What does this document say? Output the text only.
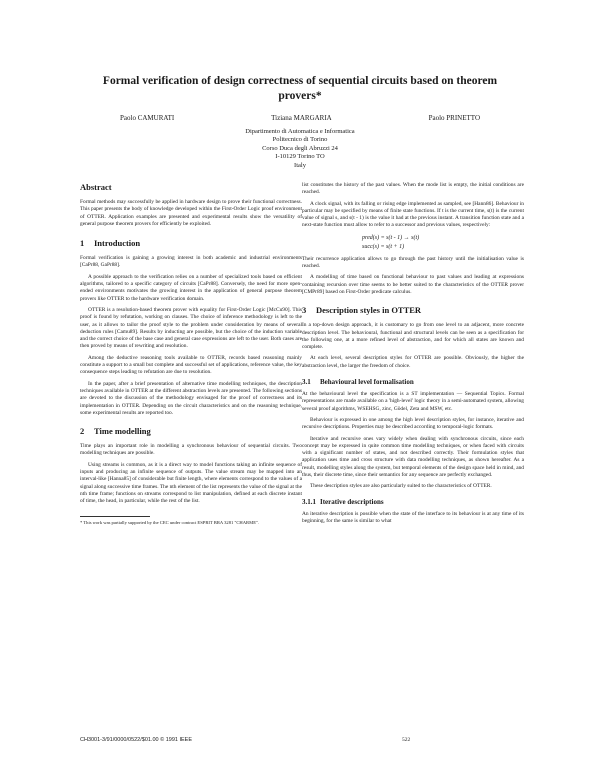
Formal verification of design correctness of sequential circuits based on theorem provers*
Paolo CAMURATI	Tiziana MARGARIA	Paolo PRINETTO
Dipartimento di Automatica e Informatica
Politecnico di Torino
Corso Duca degli Abruzzi 24
I-10129 Torino TO
Italy
Abstract

Formal methods may successfully be applied in hardware design to prove their functional correctness. This paper presents the body of knowledge developed within the First-Order Logic proof environment of OTTER. Application examples are presented and experimental results show the versatility of general purpose theorem provers for efficiently be exploited.

1 Introduction

Formal verification is gaining a growing interest in both academic and industrial environments [CaPr88, GaPr88].

A possible approach to the verification relies on a number of specialized tools based on efficient algorithms, tailored to a specific category of circuits [CaPr88]. Conversely, the need for more open-ended environments motivates the growing interest in the application of general purpose theorem provers like OTTER to the hardware verification domain.

OTTER is a resolution-based theorem prover with equality for First-Order Logic [McCu90]. This proof is found by refutation, working on clauses. The choice of inference methodology is left to the user, as it allows to tailor the proof style to the problem under consideration by means of several deduction rules [Camu89]. Results by inducting are possible, but the choice of the induction variable and the correct choice of the base case and general case expressions are left to the user. Both cases are then proved by means of rewriting and resolution.

Among the deductive reasoning tools available to OTTER, records based reasoning mainly constitute a support to a small but complete and successful set of applications, reference value, the key consequence steps leading to refutation are due to resolution.

In the paper, after a brief presentation of alternative time modelling techniques, the description techniques available in OTTER at the different abstraction levels are presented. The following sections are devoted to the discussion of the methodology envisaged for the proof of correctness and its implementation in OTTER. Depending on the circuit characteristics and on the reasoning technique, some experimental results are reported too.

2 Time modelling

Time plays an important role in modelling a synchronous behaviour of sequential circuits. Two modelling techniques are possible.

Using streams is common, as it is a direct way to model functions taking an infinite sequence of inputs and producing an infinite sequence of outputs. The value stream may be mapped into an interval-like [Hanna85] of considerable but finite length, where elements correspond to the values of a signal along successive time frames. The nth element of the list represents the value of the signal at the nth time frame; functions on streams correspond to list manipulation, defined at each discrete instant of time, the head, in particular, while the rest of the list.

* This work was partially supported by the CEC under contract ESPRIT BRA 3281 "CHARME".

list constitutes the history of the past values. When the mode list is empty, the initial conditions are reached.

A clock signal, with its falling or rising edge implemented as sampled, see [Hann86]. Behaviour in particular may be specified by means of finite state functions. If t is the current time, s(t) is the current value of signal s, and s(t - 1) is the value it had at the previous instant. A transition function state and a next-state function must allow to refer to a successor and previous values, respectively:

pred(s) = s(t - 1) → s(t)
succ(s) = s(t + 1)

Their recurrence application allows to go through the past history until the initialisation value is reached.

A modelling of time based on functional behaviour to past values and leading at expressions containing recursion over time seems to be better suited to the characteristics of the OTTER prover [CMPr89] based on First-Order predicate calculus.

3 Description styles in OTTER

In a top-down design approach, it is customary to go from one level to an adjacent, more concrete description level. The behavioural, functional and structural levels can be seen as a specification for the following one, at a more refined level of abstraction, and for which all states are known and complete.

At each level, several description styles for OTTER are possible. Obviously, the higher the abstraction level, the larger the freedom of choice.

3.1 Behavioural level formalisation

At the behavioural level the specification is a ST implementation — Sequential Topics. Formal representations are made available on a 'high-level' logic theory in a semi-automated system, allowing several proof algorithms, WSEHSG, zinc, Gödel, Zeta and MSW, etc.

Behaviour is expressed in one among the high level description styles, for instance, iterative and recursive descriptions. Properties may be described according to temporal-logic formats.

Iterative and recursive ones vary widely when dealing with synchronous circuits, since each concept may be expressed in quite common time modelling techniques, or when faced with circuits with a significant number of states, and not described correctly. Their formulation styles that application uses time and cross structure with data modelling techniques, as shown hereafter. As a result, modelling styles along the system, but temporal elements of the design space held in mind, and thus, their discrete time, since their semantics for any sequence are perfectly exchanged.

These description styles are also particularly suited to the characteristics of OTTER.

3.1.1 Iterative descriptions

An iterative description is possible when the state of the interface to its behaviour is at any time of its beginning, for the same is similar to what

CH3001-3/91/0000/0522/$01.00 © 1991 IEEE	522
